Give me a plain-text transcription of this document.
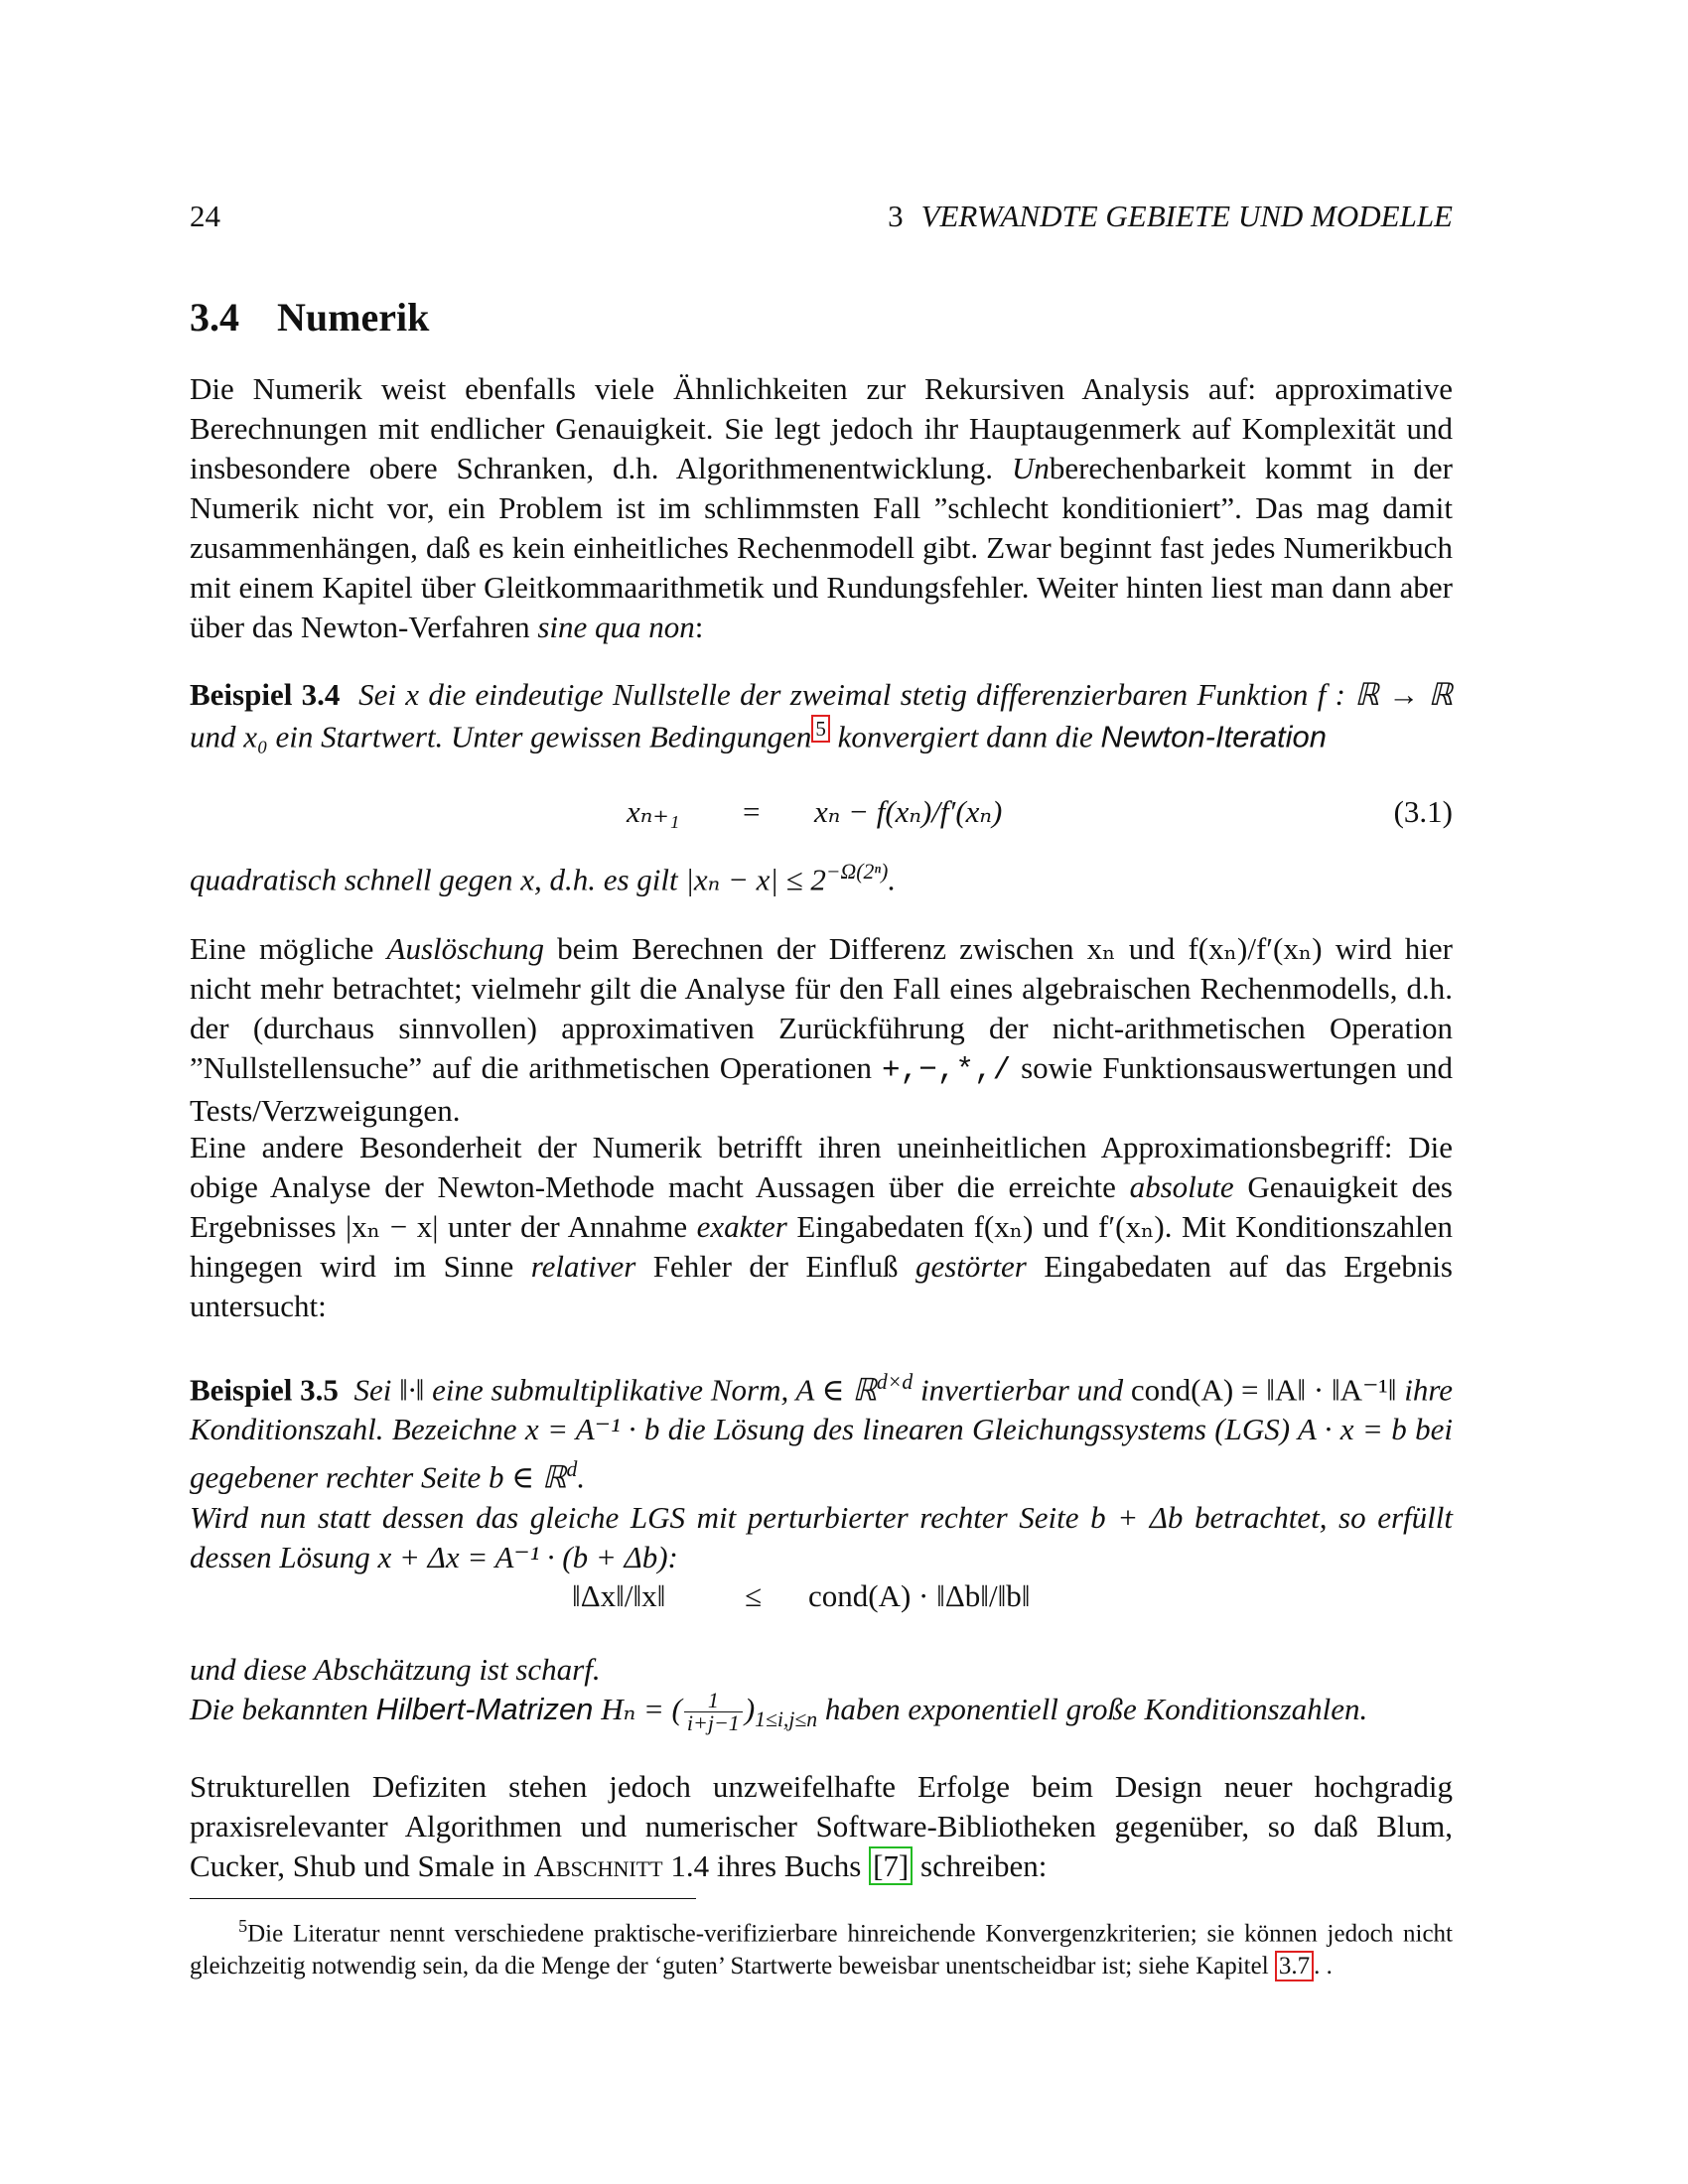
24	3 VERWANDTE GEBIETE UND MODELLE
3.4 Numerik
Die Numerik weist ebenfalls viele Ähnlichkeiten zur Rekursiven Analysis auf: approximative Berechnungen mit endlicher Genauigkeit. Sie legt jedoch ihr Hauptaugenmerk auf Komplexität und insbesondere obere Schranken, d.h. Algorithmenentwicklung. Unberechenbarkeit kommt in der Numerik nicht vor, ein Problem ist im schlimmsten Fall ”schlecht konditioniert”. Das mag damit zusammenhängen, daß es kein einheitliches Rechenmodell gibt. Zwar beginnt fast jedes Numerikbuch mit einem Kapitel über Gleitkommaarithmetik und Rundungsfehler. Weiter hinten liest man dann aber über das Newton-Verfahren sine qua non:
Beispiel 3.4 Sei x die eindeutige Nullstelle der zweimal stetig differenzierbaren Funktion f : ℝ → ℝ und x₀ ein Startwert. Unter gewissen Bedingungen 5 konvergiert dann die Newton-Iteration
xₙ₊₁ = xₙ − f(xₙ)/f′(xₙ)	(3.1)
quadratisch schnell gegen x, d.h. es gilt $|x_n - x| \le 2^{-\Omega(2^n)}$.
Eine mögliche Auslöschung beim Berechnen der Differenz zwischen xₙ und f(xₙ)/f′(xₙ) wird hier nicht mehr betrachtet; vielmehr gilt die Analyse für den Fall eines algebraischen Rechenmodells, d.h. der (durchaus sinnvollen) approximativen Zurückführung der nicht-arithmetischen Operation ”Nullstellensuche” auf die arithmetischen Operationen +,−,*,/ sowie Funktionsauswertungen und Tests/Verzweigungen.
Eine andere Besonderheit der Numerik betrifft ihren uneinheitlichen Approximationsbegriff: Die obige Analyse der Newton-Methode macht Aussagen über die erreichte absolute Genauigkeit des Ergebnisses |xₙ − x| unter der Annahme exakter Eingabedaten f(xₙ) und f′(xₙ). Mit Konditionszahlen hingegen wird im Sinne relativer Fehler der Einfluß gestörter Eingabedaten auf das Ergebnis untersucht:
Beispiel 3.5 Sei ‖·‖ eine submultiplikative Norm, A ∈ ℝ$^{d\times d}$ invertierbar und cond(A) = ‖A‖ · ‖A⁻¹‖ ihre Konditionszahl. Bezeichne x = A⁻¹ · b die Lösung des linearen Gleichungssystems (LGS) A · x = b bei gegebener rechter Seite b ∈ ℝ$^d$.
Wird nun statt dessen das gleiche LGS mit perturbierter rechter Seite b + Δb betrachtet, so erfüllt dessen Lösung x + Δx = A⁻¹ · (b + Δb):
‖Δx‖/‖x‖	≤ cond(A) · ‖Δb‖/‖b‖
und diese Abschätzung ist scharf.
Die bekannten Hilbert-Matrizen Hₙ = ( $\frac{1}{i+j-1} )_{1\le i,j\le n}$ haben exponentiell große Konditionszahlen.
Strukturellen Defiziten stehen jedoch unzweifelhafte Erfolge beim Design neuer hochgradig praxisrelevanter Algorithmen und numerischer Software-Bibliotheken gegenüber, so daß Blum, Cucker, Shub und Smale in Abschnitt 1.4 ihres Buchs [7] schreiben:
$^5$Die Literatur nennt verschiedene praktische-verifizierbare hinreichende Konvergenzkriterien; sie können jedoch nicht gleichzeitig notwendig sein, da die Menge der ‘guten’ Startwerte beweisbar unentscheidbar ist; siehe Kapitel 3.7 . .
